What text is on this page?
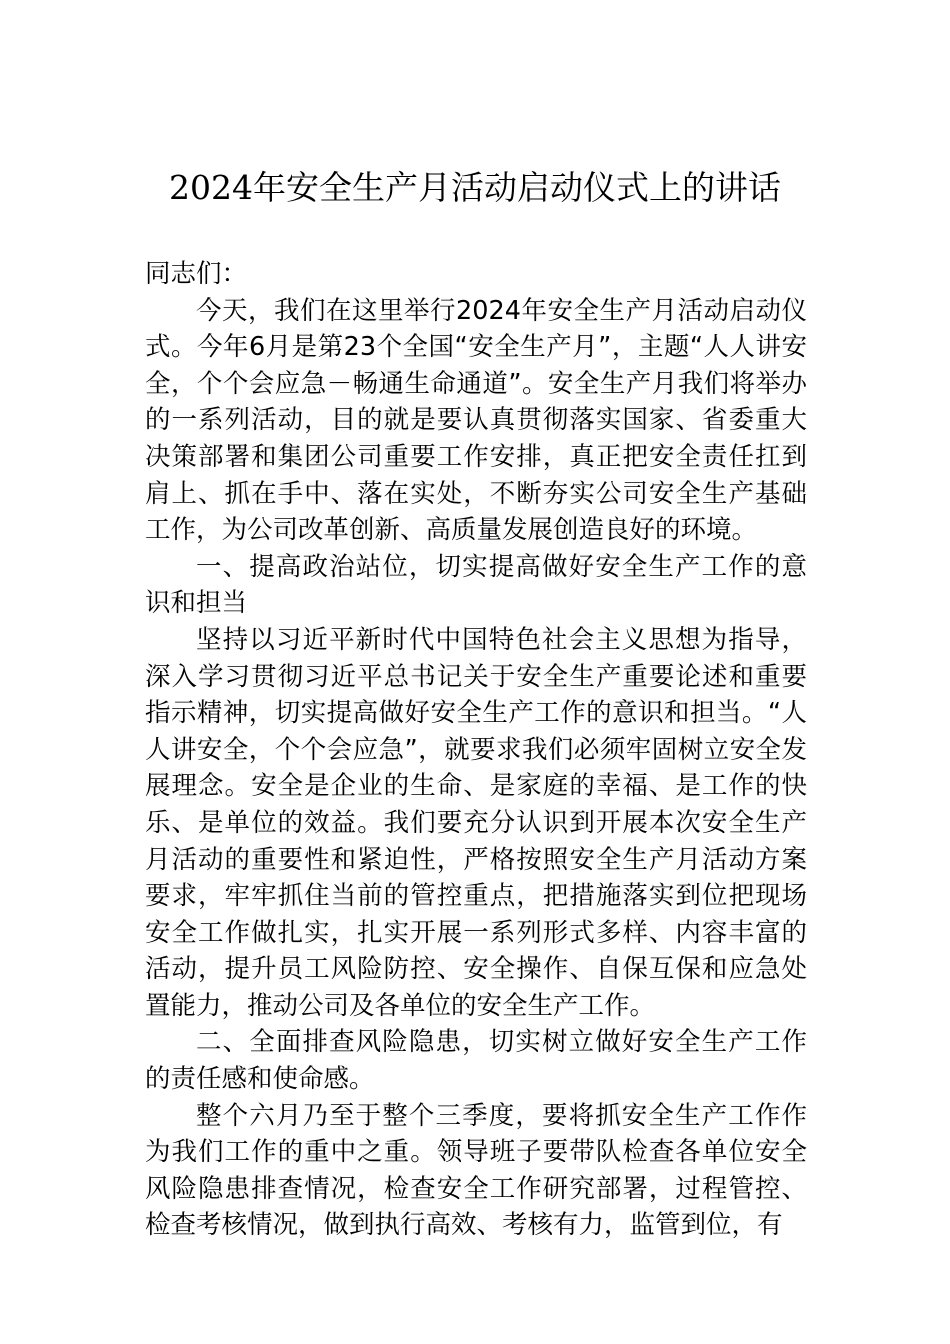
2024年安全生产月活动启动仪式上的讲话

同志们：

今天，我们在这里举行2024年安全生产月活动启动仪式。今年6月是第23个全国“安全生产月”，主题“人人讲安全，个个会应急－畅通生命通道”。安全生产月我们将举办的一系列活动，目的就是要认真贯彻落实国家、省委重大决策部署和集团公司重要工作安排，真正把安全责任扛到肩上、抓在手中、落在实处，不断夯实公司安全生产基础工作，为公司改革创新、高质量发展创造良好的环境。

一、提高政治站位，切实提高做好安全生产工作的意识和担当

坚持以习近平新时代中国特色社会主义思想为指导，深入学习贯彻习近平总书记关于安全生产重要论述和重要指示精神，切实提高做好安全生产工作的意识和担当。“人人讲安全，个个会应急”，就要求我们必须牢固树立安全发展理念。安全是企业的生命、是家庭的幸福、是工作的快乐、是单位的效益。我们要充分认识到开展本次安全生产月活动的重要性和紧迫性，严格按照安全生产月活动方案要求，牢牢抓住当前的管控重点，把措施落实到位把现场安全工作做扎实，扎实开展一系列形式多样、内容丰富的活动，提升员工风险防控、安全操作、自保互保和应急处置能力，推动公司及各单位的安全生产工作。

二、全面排查风险隐患，切实树立做好安全生产工作的责任感和使命感。

整个六月乃至于整个三季度，要将抓安全生产工作作为我们工作的重中之重。领导班子要带队检查各单位安全风险隐患排查情况，检查安全工作研究部署，过程管控、检查考核情况，做到执行高效、考核有力，监管到位，有
